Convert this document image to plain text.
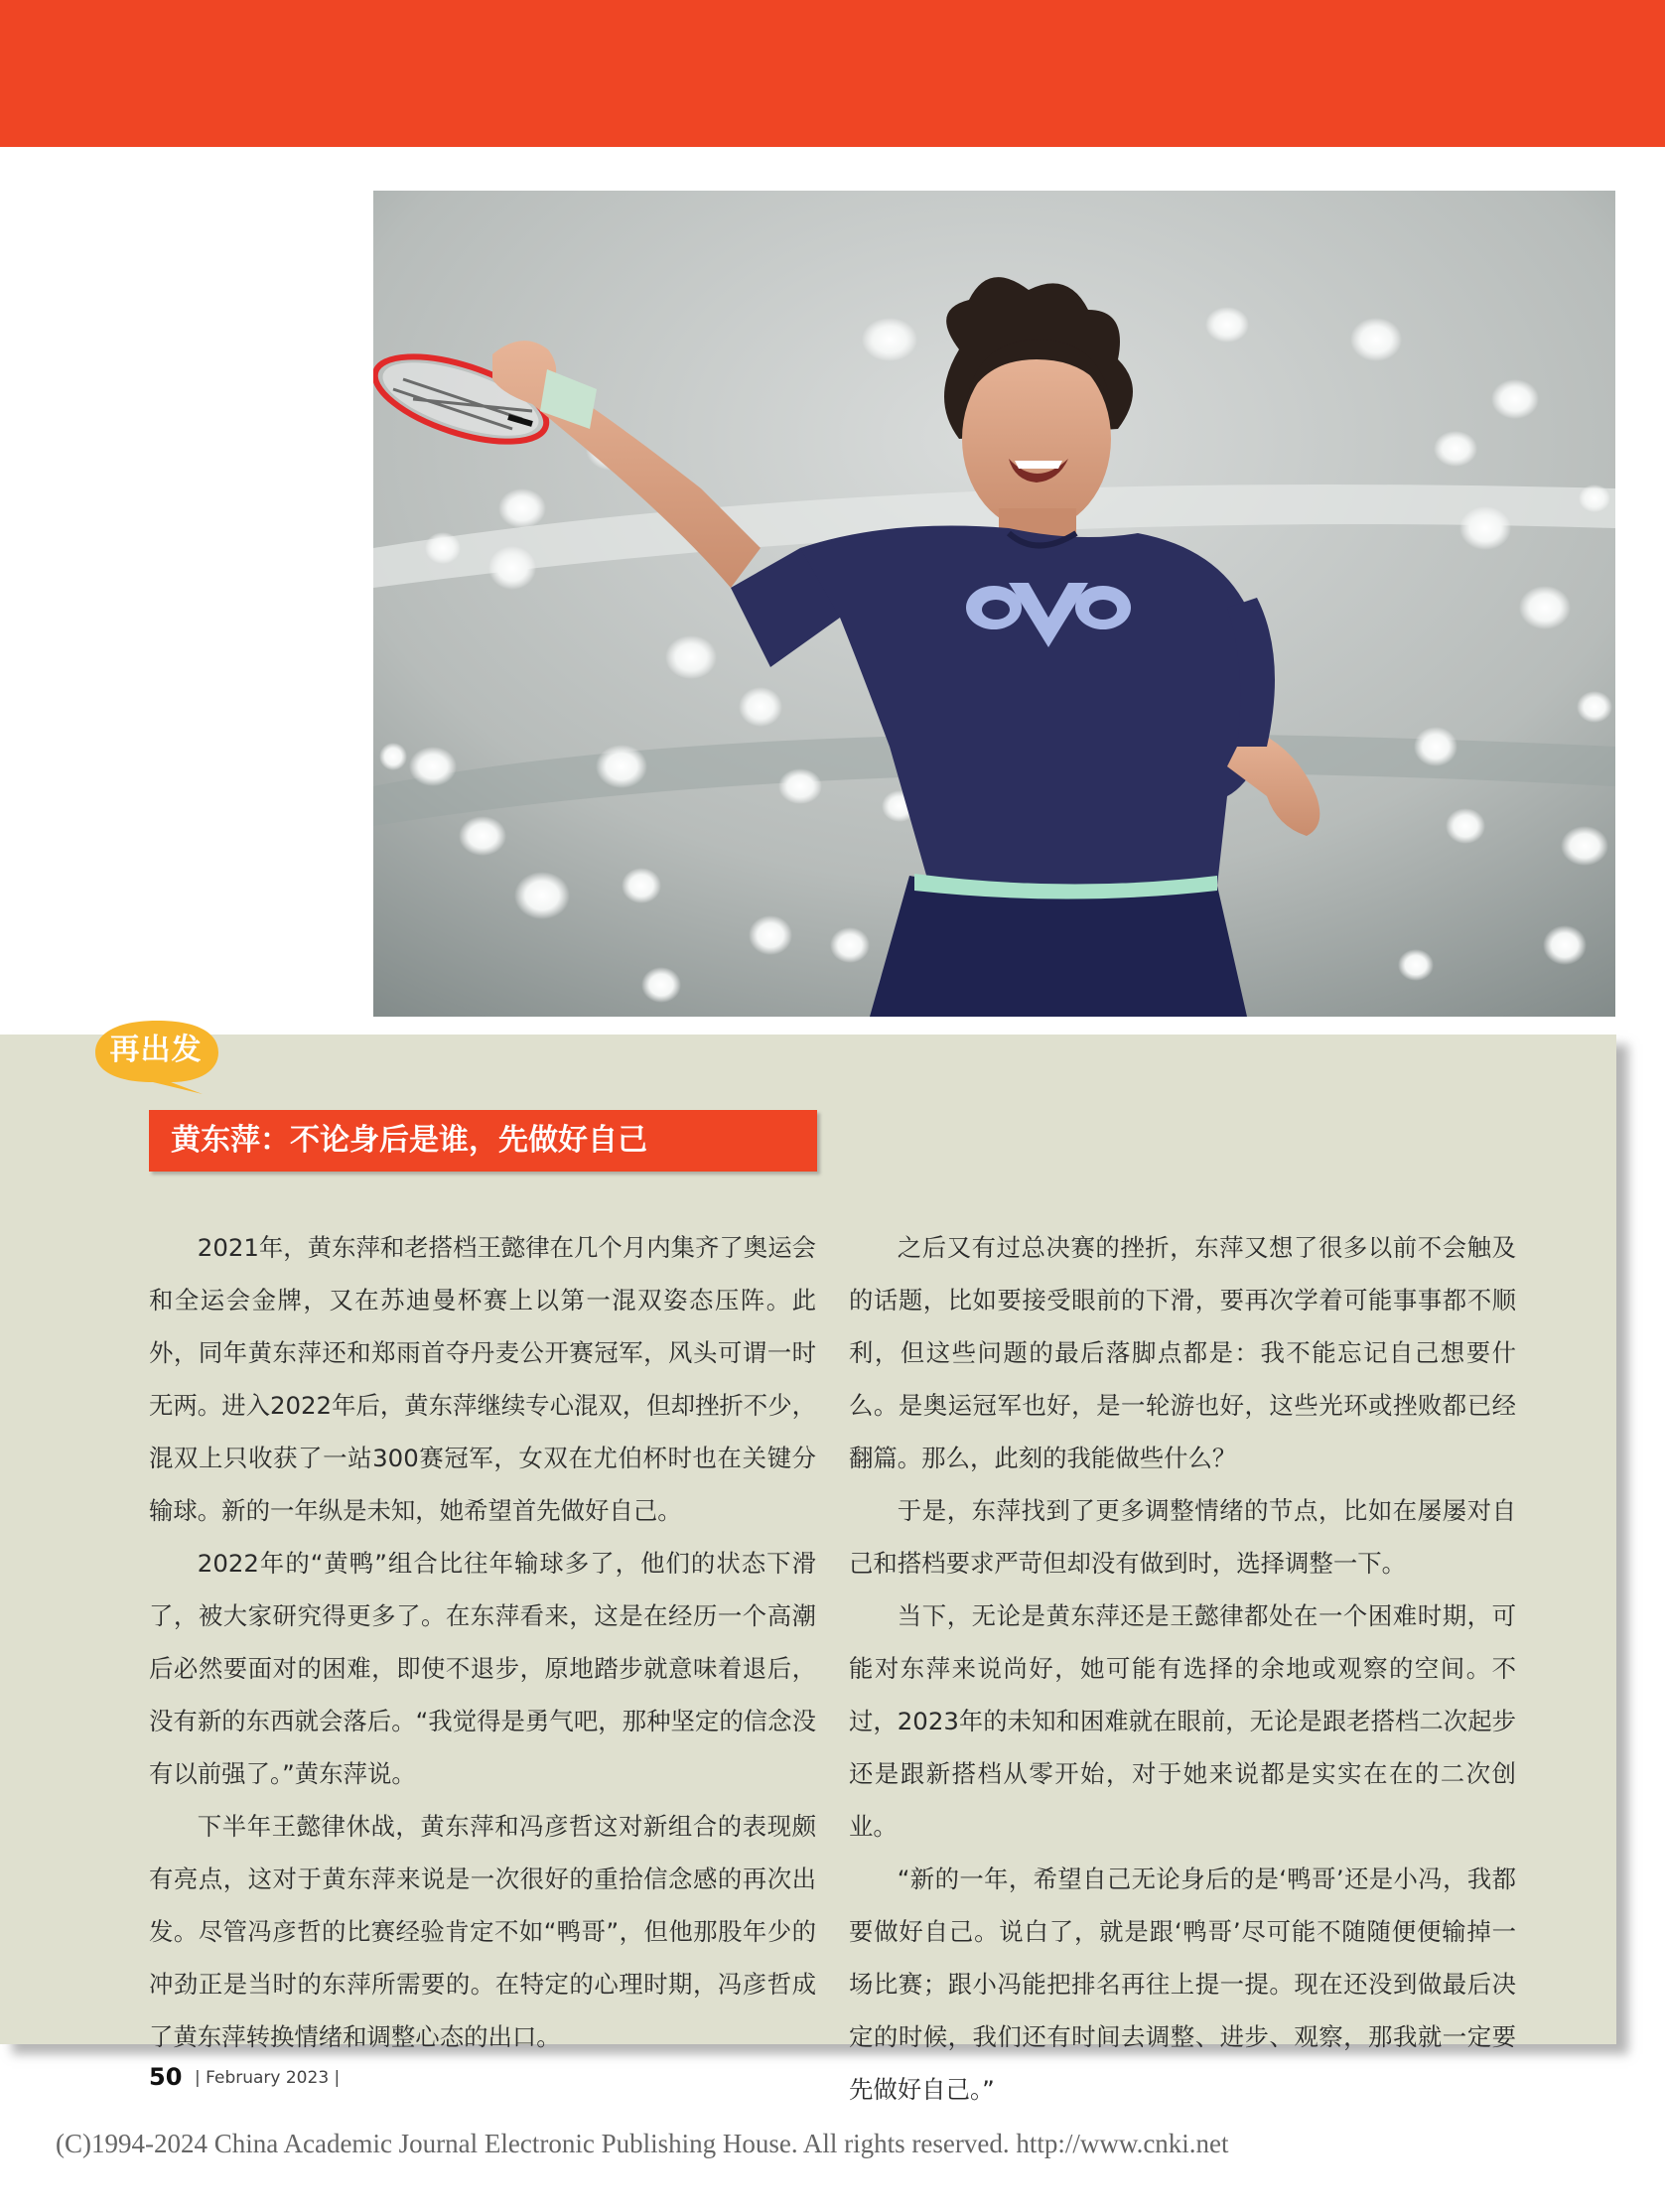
再出发
黄东萍：不论身后是谁，先做好自己

2021年，黄东萍和老搭档王懿律在几个月内集齐了奥运会和全运会金牌，又在苏迪曼杯赛上以第一混双姿态压阵。此外，同年黄东萍还和郑雨首夺丹麦公开赛冠军，风头可谓一时无两。进入2022年后，黄东萍继续专心混双，但却挫折不少，混双上只收获了一站300赛冠军，女双在尤伯杯时也在关键分输球。新的一年纵是未知，她希望首先做好自己。

2022年的“黄鸭”组合比往年输球多了，他们的状态下滑了，被大家研究得更多了。在东萍看来，这是在经历一个高潮后必然要面对的困难，即使不退步，原地踏步就意味着退后，没有新的东西就会落后。“我觉得是勇气吧，那种坚定的信念没有以前强了。”黄东萍说。

下半年王懿律休战，黄东萍和冯彦哲这对新组合的表现颇有亮点，这对于黄东萍来说是一次很好的重拾信念感的再次出发。尽管冯彦哲的比赛经验肯定不如“鸭哥”，但他那股年少的冲劲正是当时的东萍所需要的。在特定的心理时期，冯彦哲成了黄东萍转换情绪和调整心态的出口。

之后又有过总决赛的挫折，东萍又想了很多以前不会触及的话题，比如要接受眼前的下滑，要再次学着可能事事都不顺利，但这些问题的最后落脚点都是：我不能忘记自己想要什么。是奥运冠军也好，是一轮游也好，这些光环或挫败都已经翻篇。那么，此刻的我能做些什么？

于是，东萍找到了更多调整情绪的节点，比如在屡屡对自己和搭档要求严苛但却没有做到时，选择调整一下。

当下，无论是黄东萍还是王懿律都处在一个困难时期，可能对东萍来说尚好，她可能有选择的余地或观察的空间。不过，2023年的未知和困难就在眼前，无论是跟老搭档二次起步还是跟新搭档从零开始，对于她来说都是实实在在的二次创业。

“新的一年，希望自己无论身后的是‘鸭哥’还是小冯，我都要做好自己。说白了，就是跟‘鸭哥’尽可能不随随便便输掉一场比赛；跟小冯能把排名再往上提一提。现在还没到做最后决定的时候，我们还有时间去调整、进步、观察，那我就一定要先做好自己。”

50 | February 2023 |
(C)1994-2024 China Academic Journal Electronic Publishing House. All rights reserved. http://www.cnki.net
